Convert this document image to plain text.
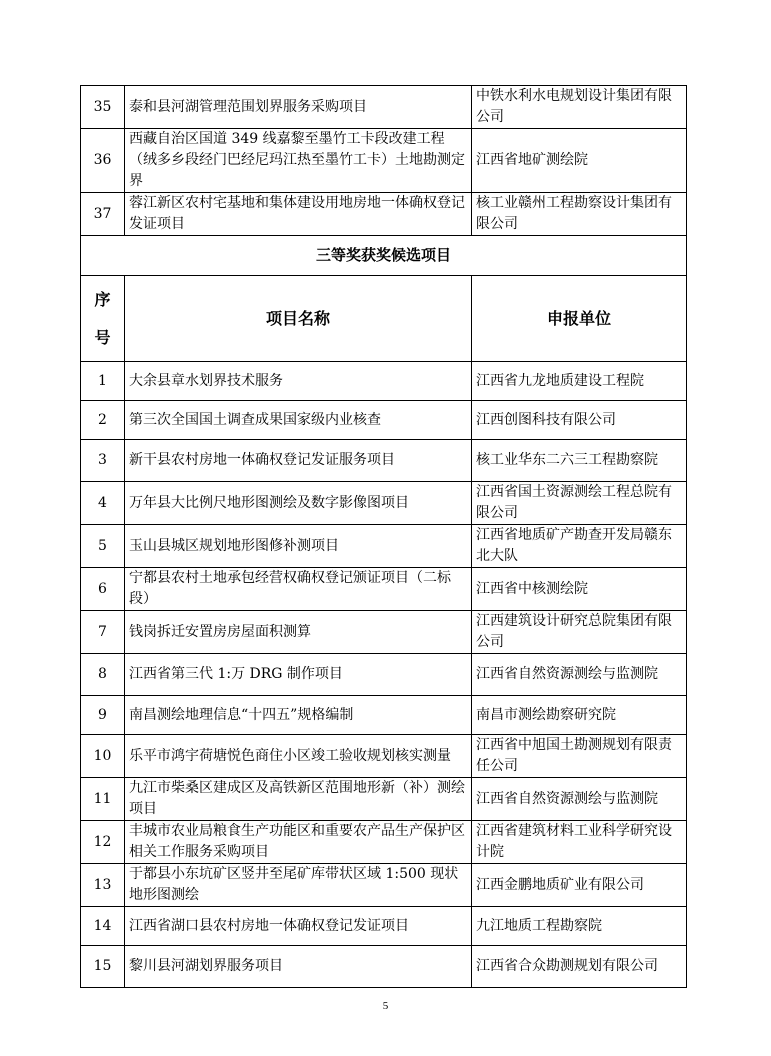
35	泰和县河湖管理范围划界服务采购项目	中铁水利水电规划设计集团有限公司
36	西藏自治区国道 349 线嘉黎至墨竹工卡段改建工程（绒多乡段经门巴经尼玛江热至墨竹工卡）土地勘测定界	江西省地矿测绘院
37	蓉江新区农村宅基地和集体建设用地房地一体确权登记发证项目	核工业赣州工程勘察设计集团有限公司
三等奖获奖候选项目		
序
号	项目名称	申报单位
1	大余县章水划界技术服务	江西省九龙地质建设工程院
2	第三次全国国土调查成果国家级内业核查	江西创图科技有限公司
3	新干县农村房地一体确权登记发证服务项目	核工业华东二六三工程勘察院
4	万年县大比例尺地形图测绘及数字影像图项目	江西省国土资源测绘工程总院有限公司
5	玉山县城区规划地形图修补测项目	江西省地质矿产勘查开发局赣东北大队
6	宁都县农村土地承包经营权确权登记颁证项目（二标段）	江西省中核测绘院
7	钱岗拆迁安置房房屋面积测算	江西建筑设计研究总院集团有限公司
8	江西省第三代 1:万 DRG 制作项目	江西省自然资源测绘与监测院
9	南昌测绘地理信息“十四五”规格编制	南昌市测绘勘察研究院
10	乐平市鸿宇荷塘悦色商住小区竣工验收规划核实测量	江西省中旭国土勘测规划有限责任公司
11	九江市柴桑区建成区及高铁新区范围地形新（补）测绘项目	江西省自然资源测绘与监测院
12	丰城市农业局粮食生产功能区和重要农产品生产保护区相关工作服务采购项目	江西省建筑材料工业科学研究设计院
13	于都县小东坑矿区竖井至尾矿库带状区域 1:500 现状地形图测绘	江西金鹏地质矿业有限公司
14	江西省湖口县农村房地一体确权登记发证项目	九江地质工程勘察院
15	黎川县河湖划界服务项目	江西省合众勘测规划有限公司
5
